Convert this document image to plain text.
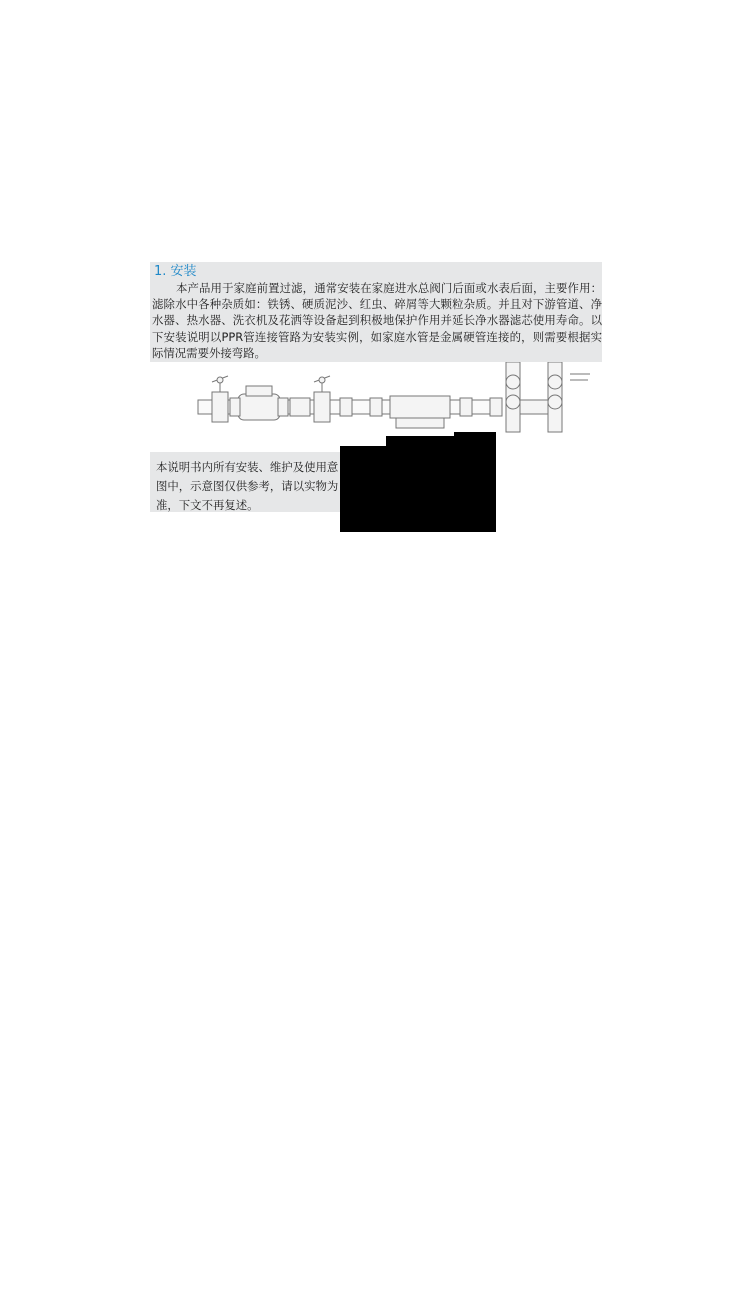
1. 安装

本产品用于家庭前置过滤，通常安装在家庭进水总阀门后面或水表后面，主要作用：滤除水中各种杂质如：铁锈、硬质泥沙、红虫、碎屑等大颗粒杂质。并且对下游管道、净水器、热水器、洗衣机及花洒等设备起到积极地保护作用并延长净水器滤芯使用寿命。以下安装说明以PPR管连接管路为安装实例，如家庭水管是金属硬管连接的，则需要根据实际情况需要外接弯路。

本说明书内所有安装、维护及使用意图中，示意图仅供参考，请以实物为准，下文不再复述。
